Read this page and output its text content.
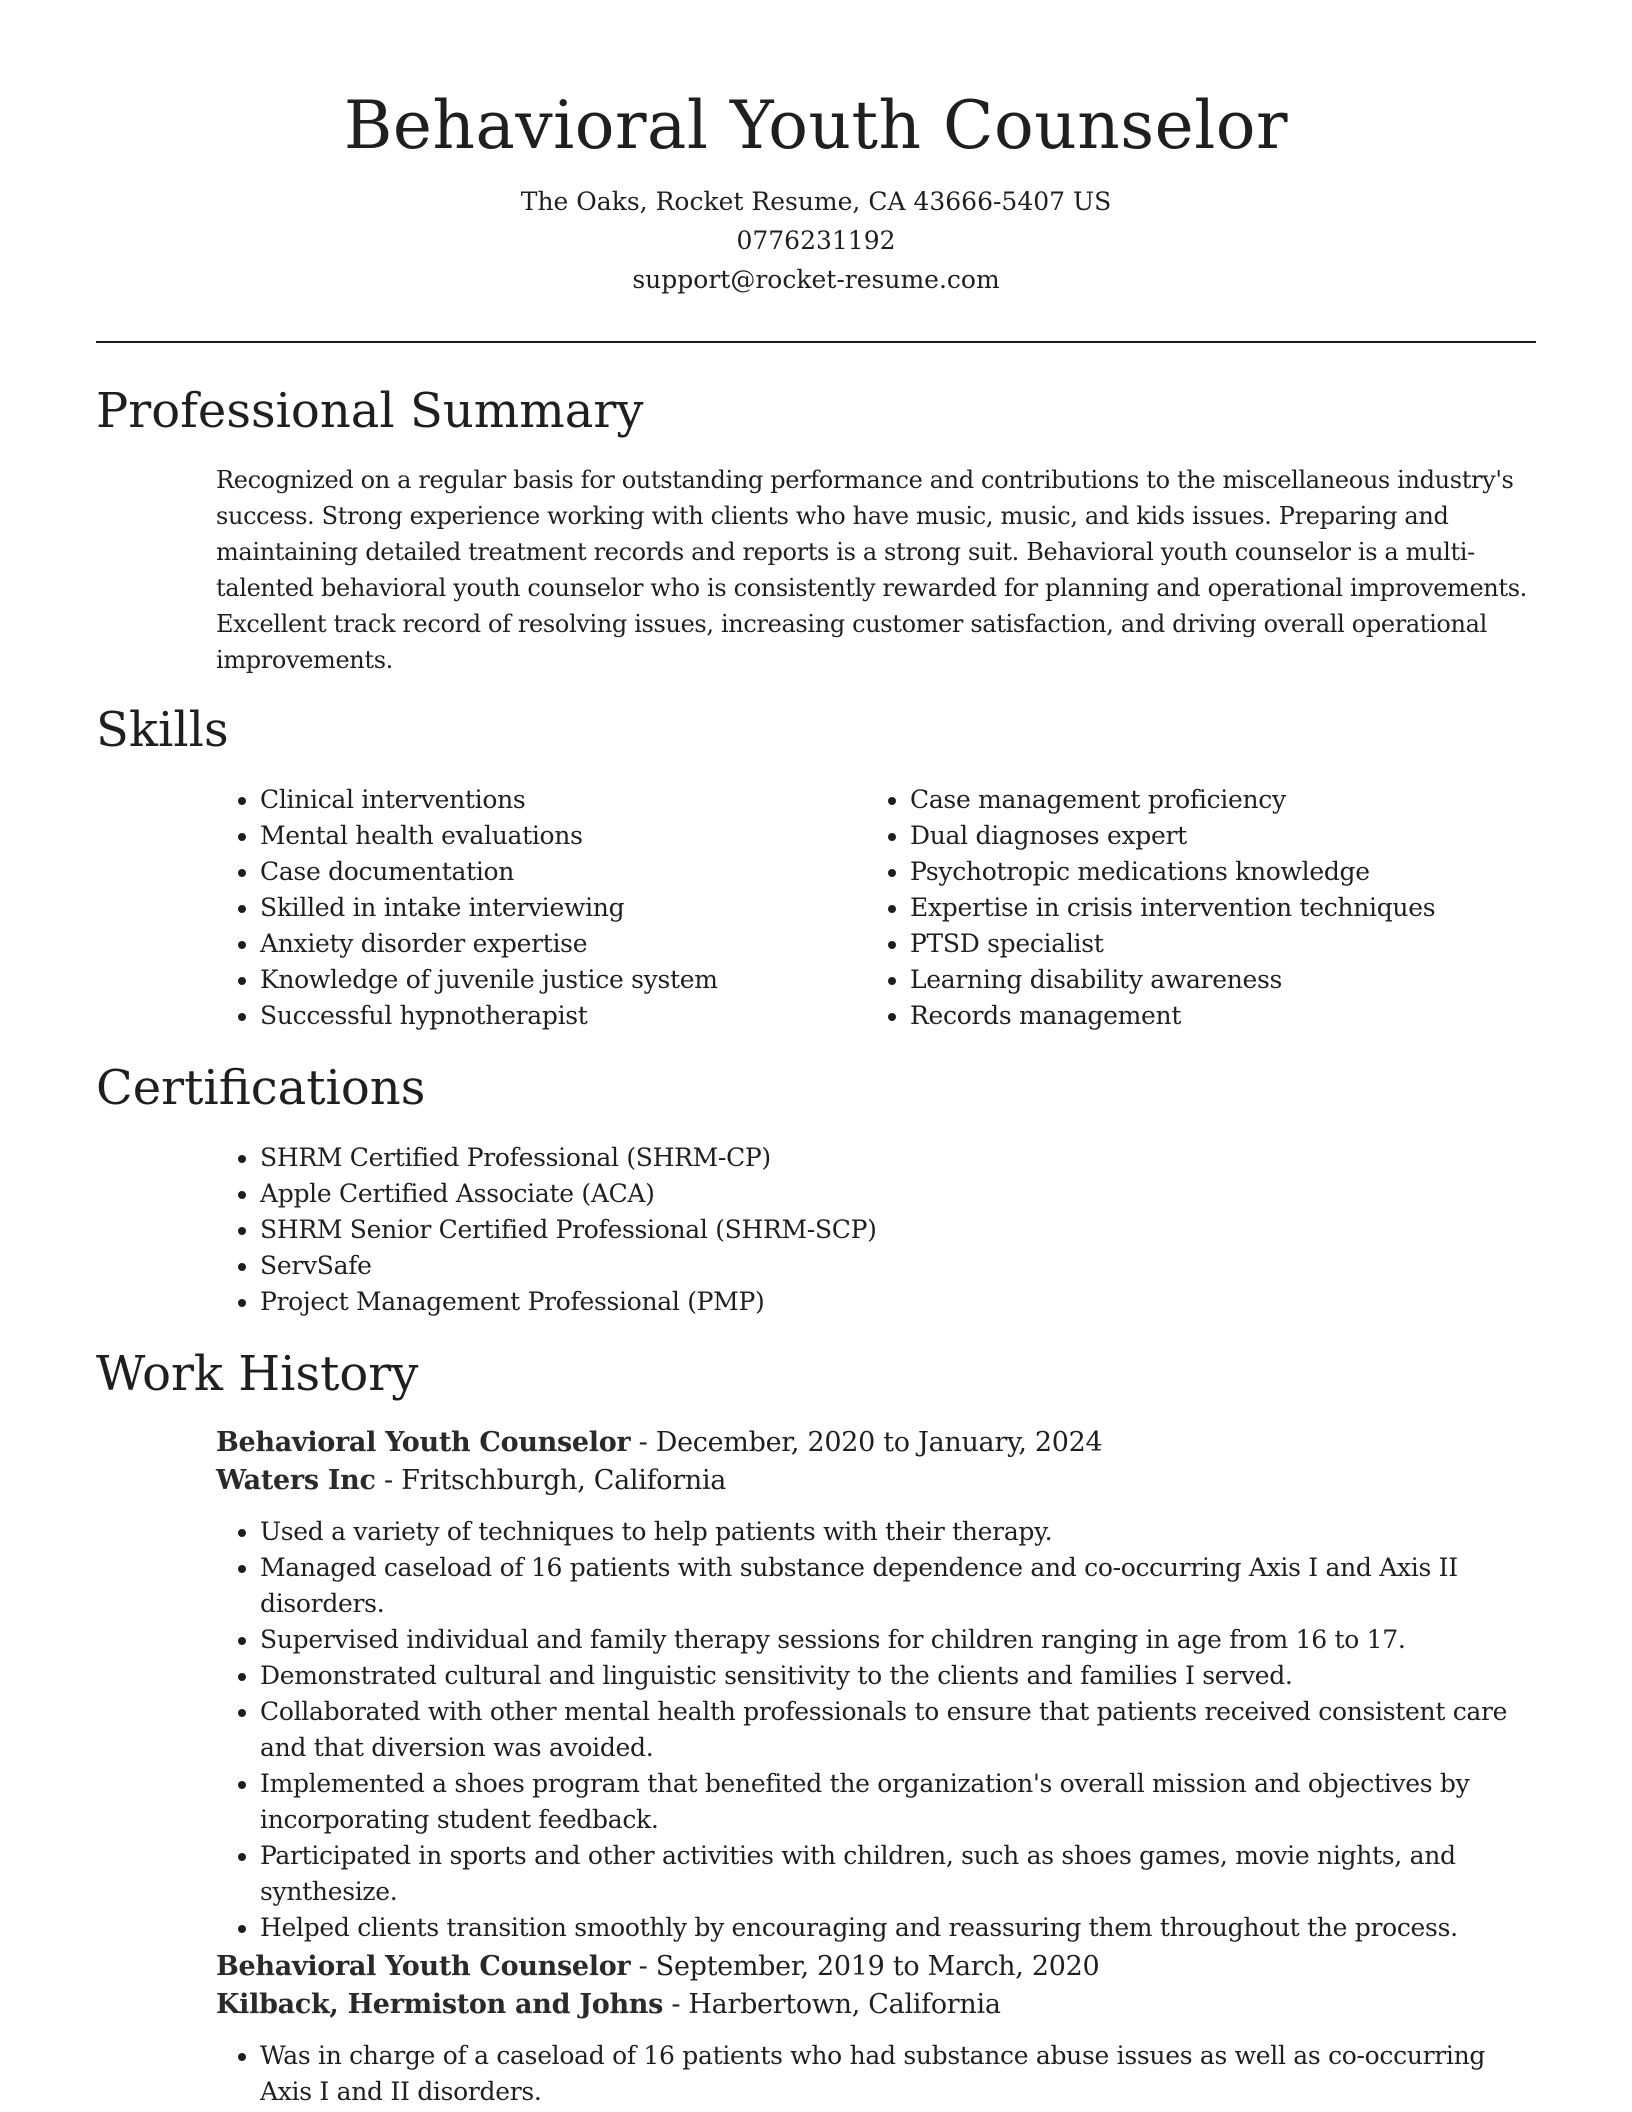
Behavioral Youth Counselor

The Oaks, Rocket Resume, CA 43666-5407 US

0776231192

support@rocket-resume.com

Professional Summary

Recognized on a regular basis for outstanding performance and contributions to the miscellaneous industry's success. Strong experience working with clients who have music, music, and kids issues. Preparing and maintaining detailed treatment records and reports is a strong suit. Behavioral youth counselor is a multi-talented behavioral youth counselor who is consistently rewarded for planning and operational improvements. Excellent track record of resolving issues, increasing customer satisfaction, and driving overall operational improvements.

Skills
• Clinical interventions
• Mental health evaluations
• Case documentation
• Skilled in intake interviewing
• Anxiety disorder expertise
• Knowledge of juvenile justice system
• Successful hypnotherapist
• Case management proficiency
• Dual diagnoses expert
• Psychotropic medications knowledge
• Expertise in crisis intervention techniques
• PTSD specialist
• Learning disability awareness
• Records management
Certifications
• SHRM Certified Professional (SHRM-CP)
• Apple Certified Associate (ACA)
• SHRM Senior Certified Professional (SHRM-SCP)
• ServSafe
• Project Management Professional (PMP)
Work History

Behavioral Youth Counselor - December, 2020 to January, 2024

Waters Inc - Fritschburgh, California

• Used a variety of techniques to help patients with their therapy.
• Managed caseload of 16 patients with substance dependence and co-occurring Axis I and Axis II disorders.
• Supervised individual and family therapy sessions for children ranging in age from 16 to 17.
• Demonstrated cultural and linguistic sensitivity to the clients and families I served.
• Collaborated with other mental health professionals to ensure that patients received consistent care and that diversion was avoided.
• Implemented a shoes program that benefited the organization's overall mission and objectives by incorporating student feedback.
• Participated in sports and other activities with children, such as shoes games, movie nights, and synthesize.
• Helped clients transition smoothly by encouraging and reassuring them throughout the process.

Behavioral Youth Counselor - September, 2019 to March, 2020

Kilback, Hermiston and Johns - Harbertown, California

• Was in charge of a caseload of 16 patients who had substance abuse issues as well as co-occurring Axis I and II disorders.
